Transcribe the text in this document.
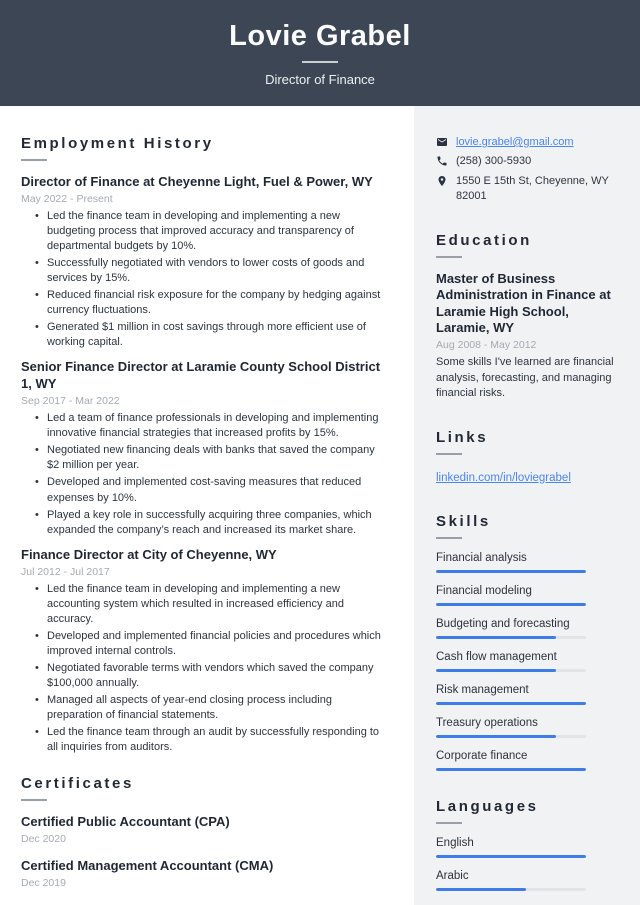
Lovie Grabel
Director of Finance
Employment History
Director of Finance at Cheyenne Light, Fuel & Power, WY
May 2022 - Present
• Led the finance team in developing and implementing a new budgeting process that improved accuracy and transparency of departmental budgets by 10%.
• Successfully negotiated with vendors to lower costs of goods and services by 15%.
• Reduced financial risk exposure for the company by hedging against currency fluctuations.
• Generated $1 million in cost savings through more efficient use of working capital.
Senior Finance Director at Laramie County School District 1, WY
Sep 2017 - Mar 2022
• Led a team of finance professionals in developing and implementing innovative financial strategies that increased profits by 15%.
• Negotiated new financing deals with banks that saved the company $2 million per year.
• Developed and implemented cost-saving measures that reduced expenses by 10%.
• Played a key role in successfully acquiring three companies, which expanded the company’s reach and increased its market share.
Finance Director at City of Cheyenne, WY
Jul 2012 - Jul 2017
• Led the finance team in developing and implementing a new accounting system which resulted in increased efficiency and accuracy.
• Developed and implemented financial policies and procedures which improved internal controls.
• Negotiated favorable terms with vendors which saved the company $100,000 annually.
• Managed all aspects of year-end closing process including preparation of financial statements.
• Led the finance team through an audit by successfully responding to all inquiries from auditors.
Certificates
Certified Public Accountant (CPA)
Dec 2020
Certified Management Accountant (CMA)
Dec 2019
lovie.grabel@gmail.com
(258) 300-5930
1550 E 15th St, Cheyenne, WY 82001
Education
Master of Business Administration in Finance at Laramie High School, Laramie, WY
Aug 2008 - May 2012
Some skills I've learned are financial analysis, forecasting, and managing financial risks.
Links
linkedin.com/in/loviegrabel
Skills
Financial analysis
Financial modeling
Budgeting and forecasting
Cash flow management
Risk management
Treasury operations
Corporate finance
Languages
English
Arabic
